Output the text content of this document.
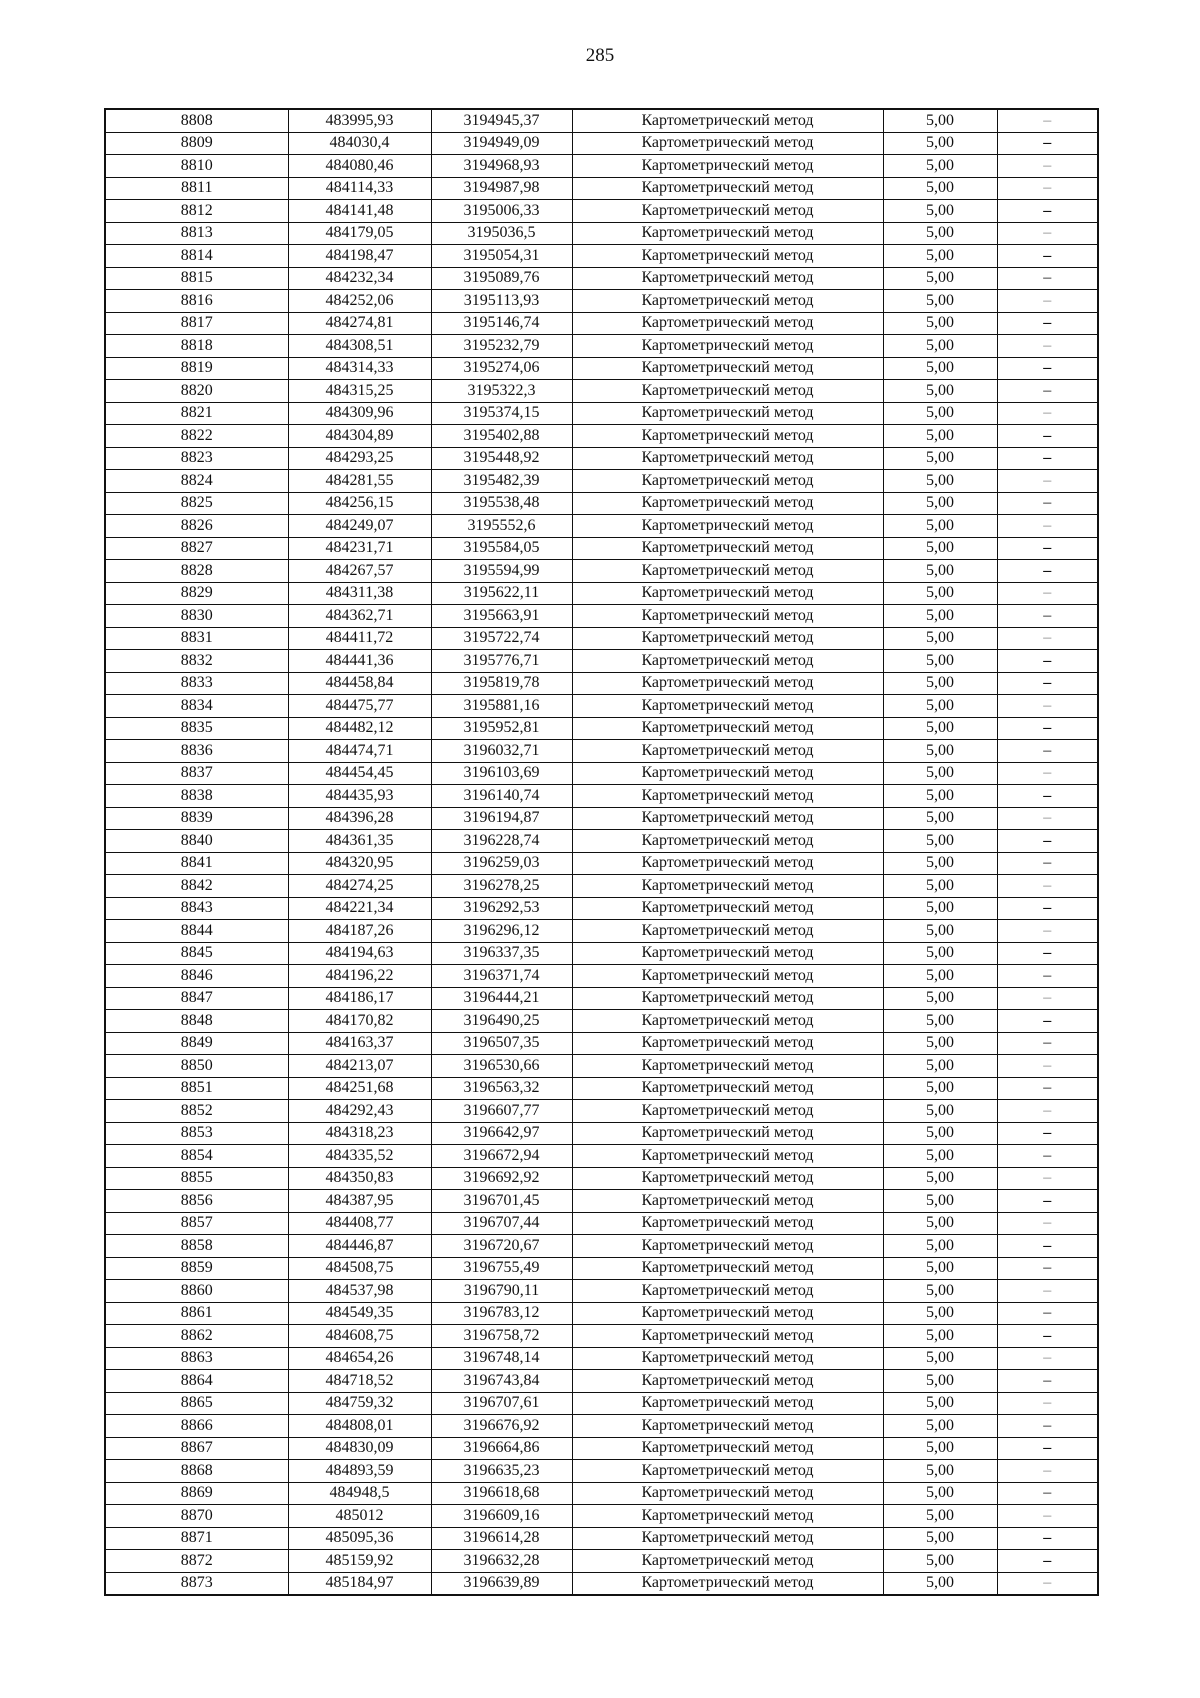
285
8808	483995,93	3194945,37	Картометрический метод	5,00	–
8809	484030,4	3194949,09	Картометрический метод	5,00	–
8810	484080,46	3194968,93	Картометрический метод	5,00	–
8811	484114,33	3194987,98	Картометрический метод	5,00	–
8812	484141,48	3195006,33	Картометрический метод	5,00	–
8813	484179,05	3195036,5	Картометрический метод	5,00	–
8814	484198,47	3195054,31	Картометрический метод	5,00	–
8815	484232,34	3195089,76	Картометрический метод	5,00	–
8816	484252,06	3195113,93	Картометрический метод	5,00	–
8817	484274,81	3195146,74	Картометрический метод	5,00	–
8818	484308,51	3195232,79	Картометрический метод	5,00	–
8819	484314,33	3195274,06	Картометрический метод	5,00	–
8820	484315,25	3195322,3	Картометрический метод	5,00	–
8821	484309,96	3195374,15	Картометрический метод	5,00	–
8822	484304,89	3195402,88	Картометрический метод	5,00	–
8823	484293,25	3195448,92	Картометрический метод	5,00	–
8824	484281,55	3195482,39	Картометрический метод	5,00	–
8825	484256,15	3195538,48	Картометрический метод	5,00	–
8826	484249,07	3195552,6	Картометрический метод	5,00	–
8827	484231,71	3195584,05	Картометрический метод	5,00	–
8828	484267,57	3195594,99	Картометрический метод	5,00	–
8829	484311,38	3195622,11	Картометрический метод	5,00	–
8830	484362,71	3195663,91	Картометрический метод	5,00	–
8831	484411,72	3195722,74	Картометрический метод	5,00	–
8832	484441,36	3195776,71	Картометрический метод	5,00	–
8833	484458,84	3195819,78	Картометрический метод	5,00	–
8834	484475,77	3195881,16	Картометрический метод	5,00	–
8835	484482,12	3195952,81	Картометрический метод	5,00	–
8836	484474,71	3196032,71	Картометрический метод	5,00	–
8837	484454,45	3196103,69	Картометрический метод	5,00	–
8838	484435,93	3196140,74	Картометрический метод	5,00	–
8839	484396,28	3196194,87	Картометрический метод	5,00	–
8840	484361,35	3196228,74	Картометрический метод	5,00	–
8841	484320,95	3196259,03	Картометрический метод	5,00	–
8842	484274,25	3196278,25	Картометрический метод	5,00	–
8843	484221,34	3196292,53	Картометрический метод	5,00	–
8844	484187,26	3196296,12	Картометрический метод	5,00	–
8845	484194,63	3196337,35	Картометрический метод	5,00	–
8846	484196,22	3196371,74	Картометрический метод	5,00	–
8847	484186,17	3196444,21	Картометрический метод	5,00	–
8848	484170,82	3196490,25	Картометрический метод	5,00	–
8849	484163,37	3196507,35	Картометрический метод	5,00	–
8850	484213,07	3196530,66	Картометрический метод	5,00	–
8851	484251,68	3196563,32	Картометрический метод	5,00	–
8852	484292,43	3196607,77	Картометрический метод	5,00	–
8853	484318,23	3196642,97	Картометрический метод	5,00	–
8854	484335,52	3196672,94	Картометрический метод	5,00	–
8855	484350,83	3196692,92	Картометрический метод	5,00	–
8856	484387,95	3196701,45	Картометрический метод	5,00	–
8857	484408,77	3196707,44	Картометрический метод	5,00	–
8858	484446,87	3196720,67	Картометрический метод	5,00	–
8859	484508,75	3196755,49	Картометрический метод	5,00	–
8860	484537,98	3196790,11	Картометрический метод	5,00	–
8861	484549,35	3196783,12	Картометрический метод	5,00	–
8862	484608,75	3196758,72	Картометрический метод	5,00	–
8863	484654,26	3196748,14	Картометрический метод	5,00	–
8864	484718,52	3196743,84	Картометрический метод	5,00	–
8865	484759,32	3196707,61	Картометрический метод	5,00	–
8866	484808,01	3196676,92	Картометрический метод	5,00	–
8867	484830,09	3196664,86	Картометрический метод	5,00	–
8868	484893,59	3196635,23	Картометрический метод	5,00	–
8869	484948,5	3196618,68	Картометрический метод	5,00	–
8870	485012	3196609,16	Картометрический метод	5,00	–
8871	485095,36	3196614,28	Картометрический метод	5,00	–
8872	485159,92	3196632,28	Картометрический метод	5,00	–
8873	485184,97	3196639,89	Картометрический метод	5,00	–
